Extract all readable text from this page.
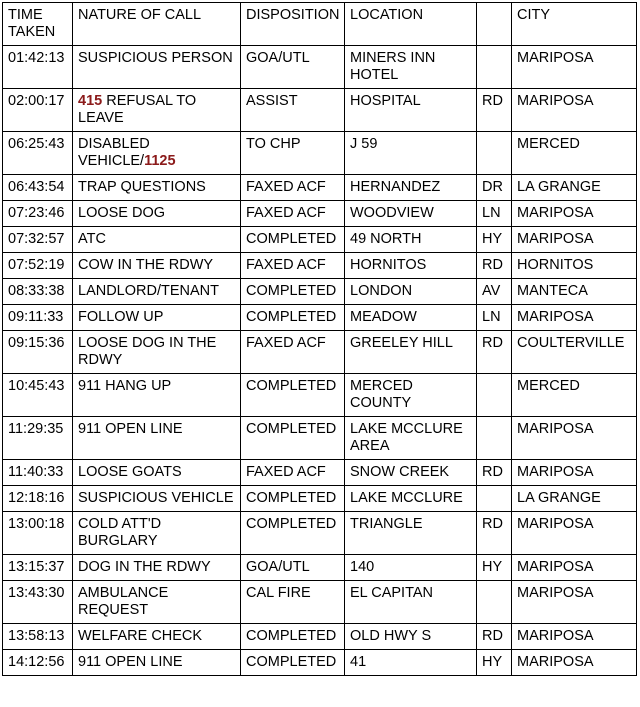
TIME TAKEN	NATURE OF CALL	DISPOSITION	LOCATION		CITY
01:42:13	SUSPICIOUS PERSON	GOA/UTL	MINERS INN HOTEL		MARIPOSA
02:00:17	415 REFUSAL TO LEAVE	ASSIST	HOSPITAL	RD	MARIPOSA
06:25:43	DISABLED VEHICLE/1125	TO CHP	J 59		MERCED
06:43:54	TRAP QUESTIONS	FAXED ACF	HERNANDEZ	DR	LA GRANGE
07:23:46	LOOSE DOG	FAXED ACF	WOODVIEW	LN	MARIPOSA
07:32:57	ATC	COMPLETED	49 NORTH	HY	MARIPOSA
07:52:19	COW IN THE RDWY	FAXED ACF	HORNITOS	RD	HORNITOS
08:33:38	LANDLORD/TENANT	COMPLETED	LONDON	AV	MANTECA
09:11:33	FOLLOW UP	COMPLETED	MEADOW	LN	MARIPOSA
09:15:36	LOOSE DOG IN THE RDWY	FAXED ACF	GREELEY HILL	RD	COULTERVILLE
10:45:43	911 HANG UP	COMPLETED	MERCED COUNTY		MERCED
11:29:35	911 OPEN LINE	COMPLETED	LAKE MCCLURE AREA		MARIPOSA
11:40:33	LOOSE GOATS	FAXED ACF	SNOW CREEK	RD	MARIPOSA
12:18:16	SUSPICIOUS VEHICLE	COMPLETED	LAKE MCCLURE		LA GRANGE
13:00:18	COLD ATT'D BURGLARY	COMPLETED	TRIANGLE	RD	MARIPOSA
13:15:37	DOG IN THE RDWY	GOA/UTL	140	HY	MARIPOSA
13:43:30	AMBULANCE REQUEST	CAL FIRE	EL CAPITAN		MARIPOSA
13:58:13	WELFARE CHECK	COMPLETED	OLD HWY S	RD	MARIPOSA
14:12:56	911 OPEN LINE	COMPLETED	41	HY	MARIPOSA
